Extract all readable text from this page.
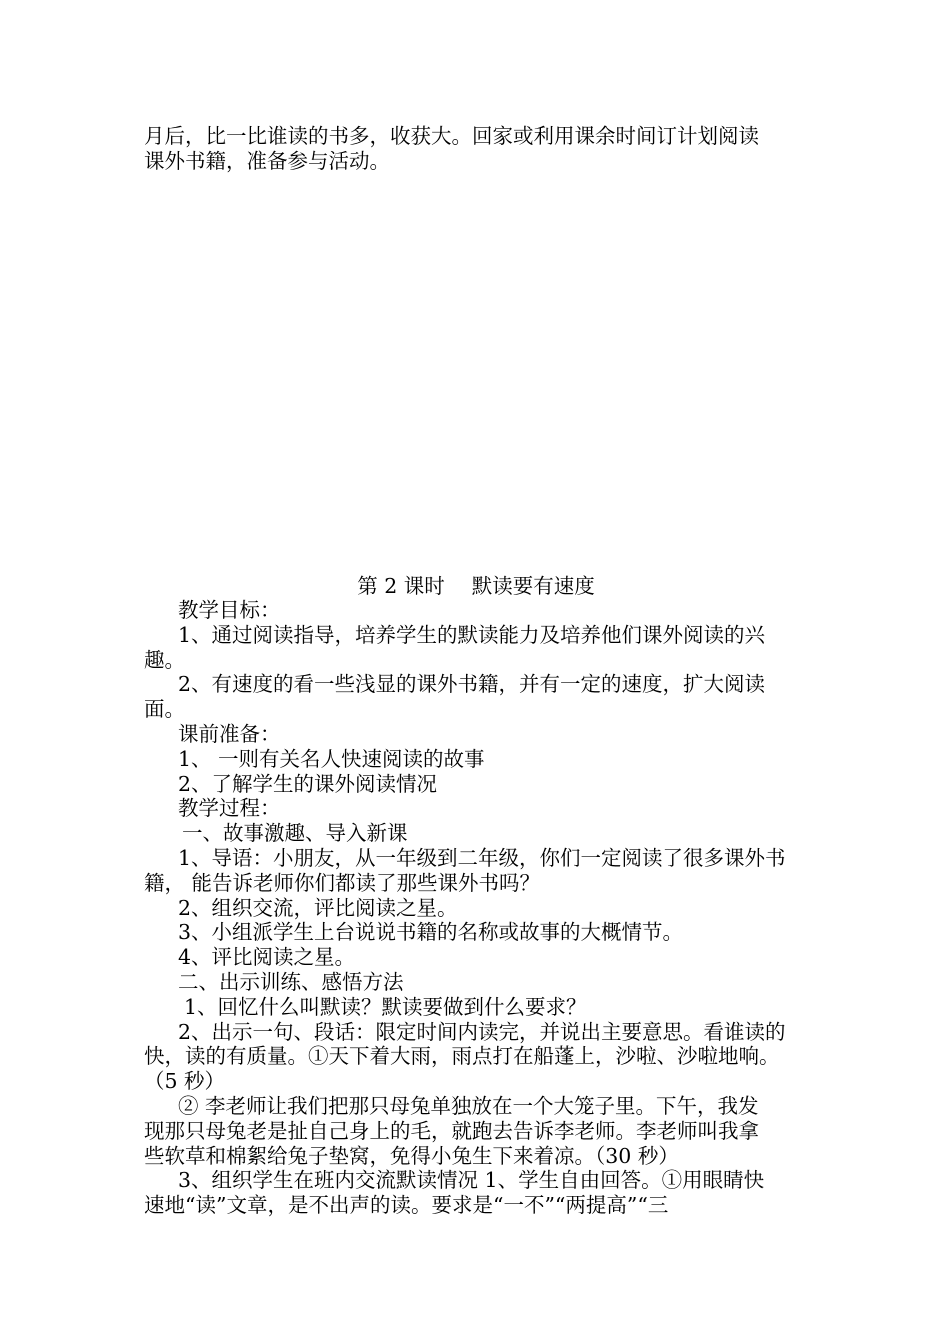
月后，比一比谁读的书多，收获大。回家或利用课余时间订计划阅读
课外书籍，准备参与活动。
第 2 课时　 默读要有速度
教学目标：
1、通过阅读指导，培养学生的默读能力及培养他们课外阅读的兴
趣。
2、有速度的看一些浅显的课外书籍，并有一定的速度，扩大阅读
面。
课前准备：
1、 一则有关名人快速阅读的故事
2、了解学生的课外阅读情况
教学过程：
一、故事激趣、导入新课
1、导语：小朋友，从一年级到二年级，你们一定阅读了很多课外书
籍， 能告诉老师你们都读了那些课外书吗？
2、组织交流，评比阅读之星。
3、小组派学生上台说说书籍的名称或故事的大概情节。
4、评比阅读之星。
二、出示训练、感悟方法
1、回忆什么叫默读？默读要做到什么要求？
2、出示一句、段话：限定时间内读完，并说出主要意思。看谁读的
快，读的有质量。①天下着大雨，雨点打在船蓬上，沙啦、沙啦地响。
（5 秒）
② 李老师让我们把那只母兔单独放在一个大笼子里。下午，我发
现那只母兔老是扯自己身上的毛，就跑去告诉李老师。李老师叫我拿
些软草和棉絮给兔子垫窝，免得小兔生下来着凉。（30 秒）
3、组织学生在班内交流默读情况 1、学生自由回答。①用眼睛快
速地“读”文章，是不出声的读。要求是“一不”“两提高”“三
